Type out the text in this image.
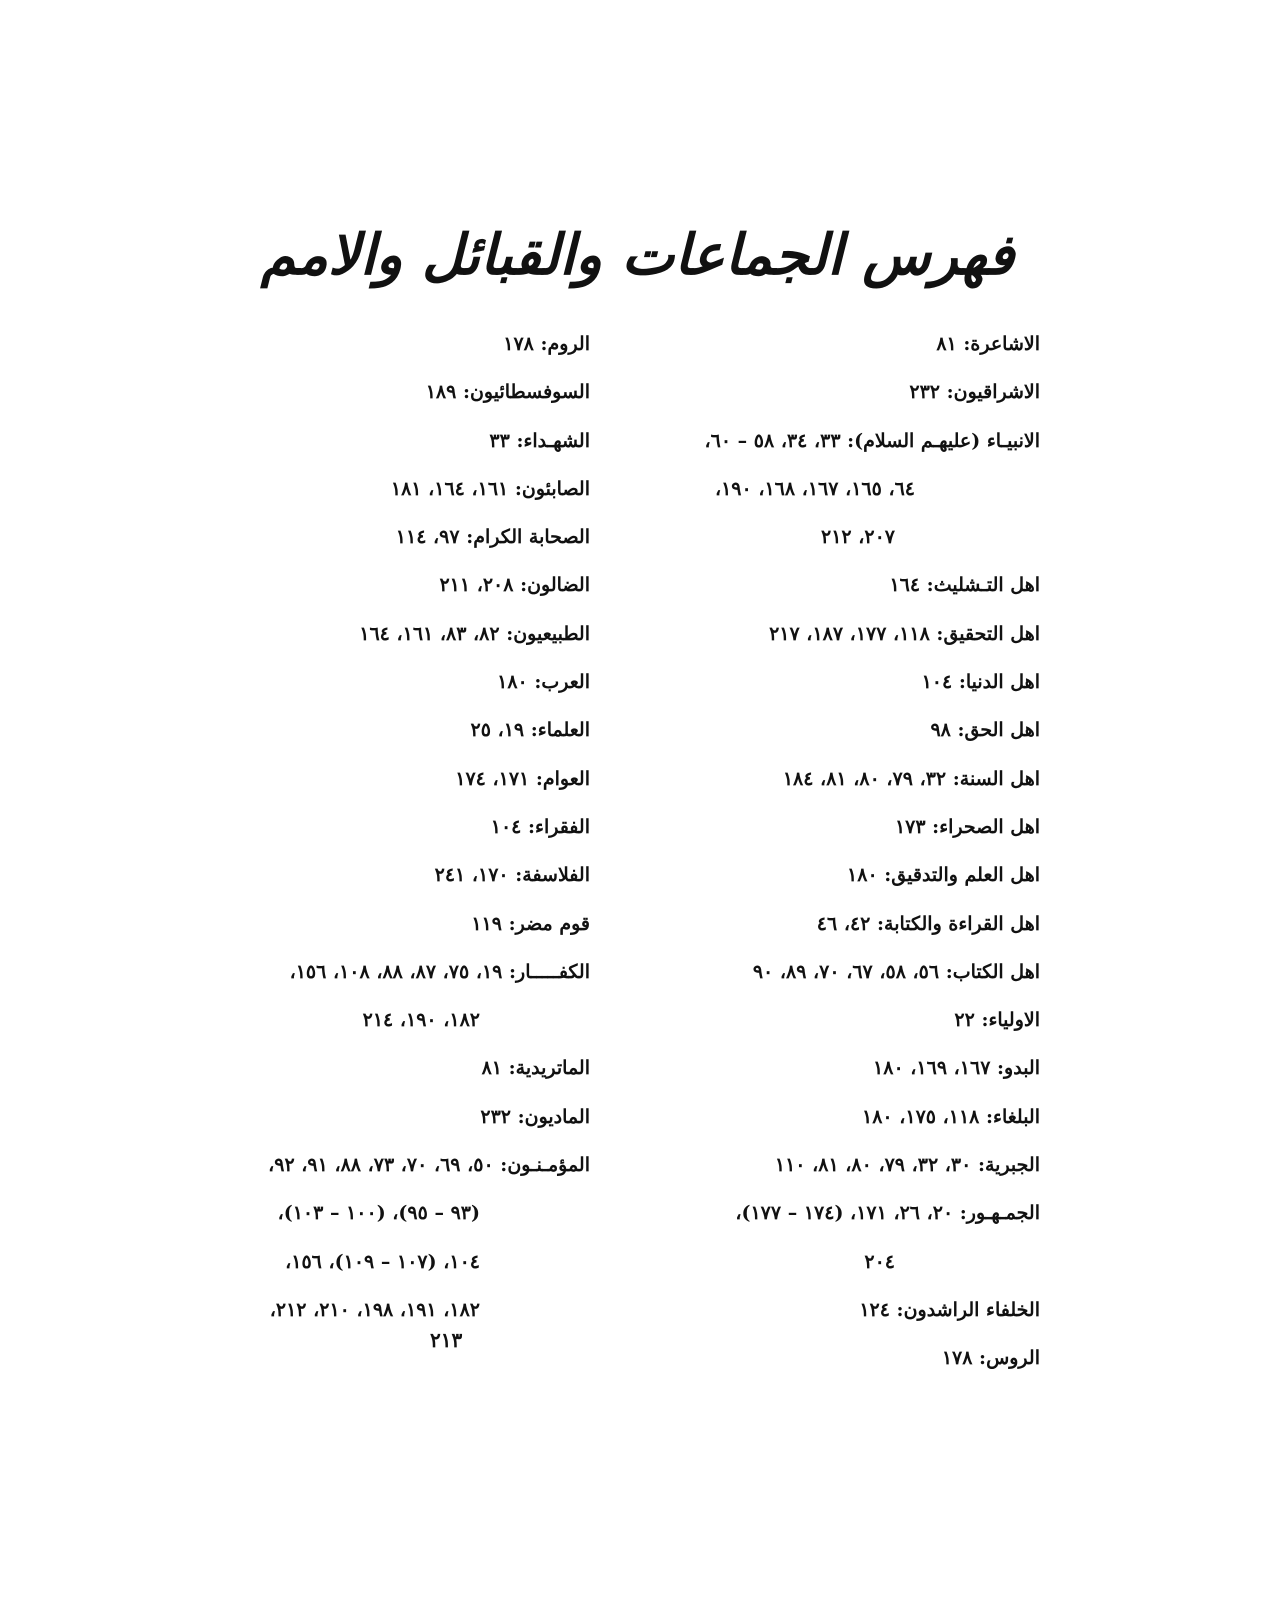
فهرس الجماعات والقبائل والامم
الاشاعرة: ٨١
الاشراقيون: ٢٣٢
الانبيـاء (عليهـم السلام): ٣٣، ٣٤، ٥٨ – ٦٠،
٦٤، ١٦٥، ١٦٧، ١٦٨، ١٩٠،
٢٠٧، ٢١٢
اهل التـشليث: ١٦٤
اهل التحقيق: ١١٨، ١٧٧، ١٨٧، ٢١٧
اهل الدنيا: ١٠٤
اهل الحق: ٩٨
اهل السنة: ٣٢، ٧٩، ٨٠، ٨١، ١٨٤
اهل الصحراء: ١٧٣
اهل العلم والتدقيق: ١٨٠
اهل القراءة والكتابة: ٤٢، ٤٦
اهل الكتاب: ٥٦، ٥٨، ٦٧، ٧٠، ٨٩، ٩٠
الاولياء: ٢٢
البدو: ١٦٧، ١٦٩، ١٨٠
البلغاء: ١١٨، ١٧٥، ١٨٠
الجبرية: ٣٠، ٣٢، ٧٩، ٨٠، ٨١، ١١٠
الجمـهـور: ٢٠، ٢٦، ١٧١، (١٧٤ – ١٧٧)،
٢٠٤
الخلفاء الراشدون: ١٢٤
الروس: ١٧٨
الروم: ١٧٨
السوفسطائيون: ١٨٩
الشهـداء: ٣٣
الصابئون: ١٦١، ١٦٤، ١٨١
الصحابة الكرام: ٩٧، ١١٤
الضالون: ٢٠٨، ٢١١
الطبيعيون: ٨٢، ٨٣، ١٦١، ١٦٤
العرب: ١٨٠
العلماء: ١٩، ٢٥
العوام: ١٧١، ١٧٤
الفقراء: ١٠٤
الفلاسفة: ١٧٠، ٢٤١
قوم مضر: ١١٩
الكفـــــار: ١٩، ٧٥، ٨٧، ٨٨، ١٠٨، ١٥٦،
١٨٢، ١٩٠، ٢١٤
الماتريدية: ٨١
الماديون: ٢٣٢
المؤمـنـون: ٥٠، ٦٩، ٧٠، ٧٣، ٨٨، ٩١، ٩٢،
(٩٣ – ٩٥)، (١٠٠ – ١٠٣)،
١٠٤، (١٠٧ – ١٠٩)، ١٥٦،
١٨٢، ١٩١، ١٩٨، ٢١٠، ٢١٢،
٢١٣
